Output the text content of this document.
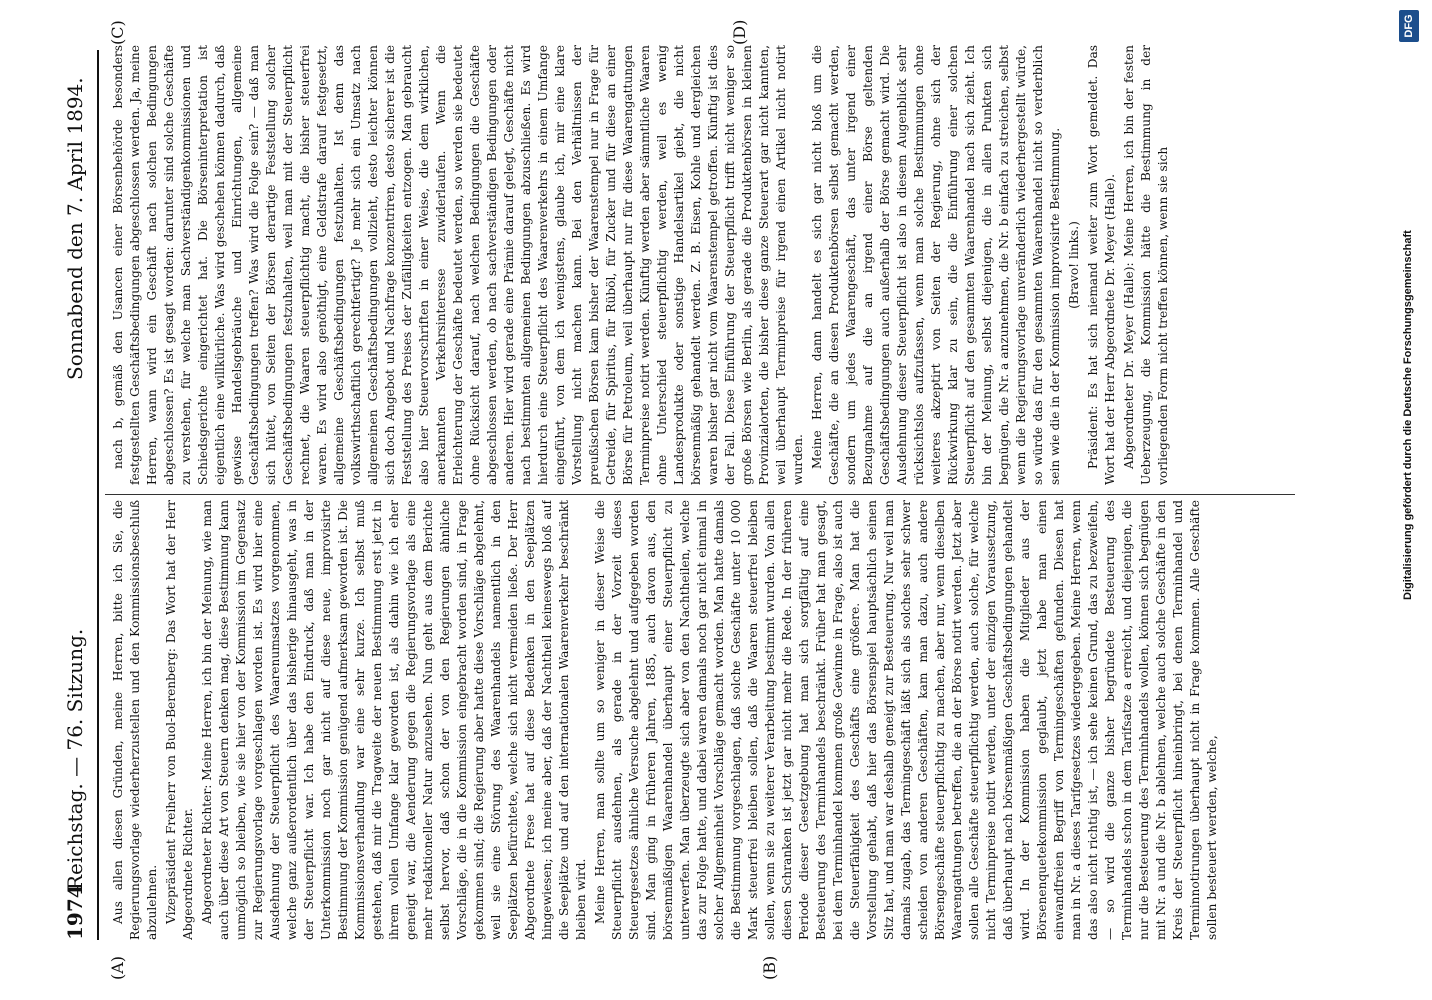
1974
Reichstag. — 76. Sitzung.
Sonnabend den 7. April 1894.
(A)	(B)
(C)	(D)

Aus allen diesen Gründen, meine Herren, bitte ich Sie, die Regierungsvorlage wiederherzustellen und den Kommissionsbeschluß abzulehnen. Vizepräsident Freiherr von Buol-Berenberg: Das Wort hat der Herr Abgeordnete Richter. Abgeordneter Richter: Meine Herren, ich bin der Meinung, wie man auch über diese Art von Steuern denken mag, diese Bestimmung kann unmöglich so bleiben, wie sie hier von der Kommission im Gegensatz zur Regierungsvorlage vorgeschlagen worden ist. Es wird hier eine Ausdehnung der Steuerpflicht des Waarenumsatzes vorgenommen, welche ganz außerordentlich über das bisherige hinausgeht, was in der Steuerpflicht war. Ich habe den Eindruck, daß man in der Unterkommission noch gar nicht auf diese neue, improvisirte Bestimmung der Kommission genügend aufmerksam geworden ist. Die Kommissionsverhandlung war eine sehr kurze. Ich selbst muß gestehen, daß mir die Tragweite der neuen Bestimmung erst jetzt in ihrem vollen Umfange klar geworden ist, als dahin wie ich eher geneigt war, die Aenderung gegen die Regierungsvorlage als eine mehr redaktioneller Natur anzusehen. Nun geht aus dem Berichte selbst hervor, daß schon der von den Regierungen ähnliche Vorschläge, die in die Kommission eingebracht worden sind, in Frage gekommen sind; die Regierung aber hatte diese Vorschläge abgelehnt, weil sie eine Störung des Waarenhandels namentlich in den Seeplätzen befürchtete, welche sich nicht vermeiden ließe. Der Herr Abgeordnete Frese hat auf diese Bedenken in den Seeplätzen hingewiesen; ich meine aber, daß der Nachtheil keineswegs bloß auf die Seeplätze und auf den internationalen Waarenverkehr beschränkt bleiben wird. Meine Herren, man sollte um so weniger in dieser Weise die Steuerpflicht ausdehnen, als gerade in der Vorzeit dieses Steuergesetzes ähnliche Versuche abgelehnt und aufgegeben worden sind. Man ging in früheren Jahren, 1885, auch davon aus, den börsenmäßigen Waarenhandel überhaupt einer Steuerpflicht zu unterwerfen. Man überzeugte sich aber von den Nachtheilen, welche das zur Folge hatte, und dabei waren damals noch gar nicht einmal in solcher Allgemeinheit Vorschläge gemacht worden. Man hatte damals die Bestimmung vorgeschlagen, daß solche Geschäfte unter 10 000 Mark steuerfrei bleiben sollen, daß die Waaren steuerfrei bleiben sollen, wenn sie zu weiterer Verarbeitung bestimmt wurden. Von allen diesen Schranken ist jetzt gar nicht mehr die Rede. In der früheren Periode dieser Gesetzgebung hat man sich sorgfältig auf eine Besteuerung des Terminhandels beschränkt. Früher hat man gesagt, bei dem Terminhandel kommen große Gewinne in Frage, also ist auch die Steuerfähigkeit des Geschäfts eine größere. Man hat die Vorstellung gehabt, daß hier das Börsenspiel hauptsächlich seinen Sitz hat, und man war deshalb geneigt zur Besteuerung. Nur weil man damals zugab, das Termingeschäft läßt sich als solches sehr schwer scheiden von anderen Geschäften, kam man dazu, auch andere Börsengeschäfte steuerpflichtig zu machen, aber nur, wenn dieselben Waarengattungen betreffen, die an der Börse notirt werden. Jetzt aber sollen alle Geschäfte steuerpflichtig werden, auch solche, für welche nicht Terminpreise notirt werden, unter der einzigen Voraussetzung, daß überhaupt nach börsenmäßigen Geschäftsbedingungen gehandelt wird. In der Kommission haben die Mitglieder aus der Börsenenquetekommission geglaubt, jetzt habe man einen einwandfreien Begriff von Termingeschäften gefunden. Diesen hat man in Nr. a dieses Tarifgesetzes wiedergegeben. Meine Herren, wenn das also nicht richtig ist, — ich sehe keinen Grund, das zu bezweifeln, — so wird die ganze bisher begründete Besteuerung des Terminhandels schon in dem Tarifsatze a erreicht, und diejenigen, die nur die Besteuerung des Terminhandels wollen, können sich begnügen mit Nr. a und die Nr. b ablehnen, welche auch solche Geschäfte in den Kreis der Steuerpflicht hineinbringt, bei denen Terminhandel und Terminnotirungen überhaupt nicht in Frage kommen. Alle Geschäfte sollen besteuert werden, welche,

nach b, gemäß den Usancen einer Börsenbehörde besonders festgestellten Geschäftsbedingungen abgeschlossen werden. Ja, meine Herren, wann wird ein Geschäft nach solchen Bedingungen abgeschlossen? Es ist gesagt worden: darunter sind solche Geschäfte zu verstehen, für welche man Sachverständigenkommissionen und Schiedsgerichte eingerichtet hat. Die Börseninterpretation ist eigentlich eine willkürliche. Was wird geschehen können dadurch, daß gewisse Handelsgebräuche und Einrichtungen, allgemeine Geschäftsbedingungen treffen? Was wird die Folge sein? — daß man sich hütet, von Seiten der Börsen derartige Feststellung solcher Geschäftsbedingungen festzuhalten, weil man mit der Steuerpflicht rechnet, die Waaren steuerpflichtig macht, die bisher steuerfrei waren. Es wird also genöthigt, eine Geldstrafe darauf festgesetzt, allgemeine Geschäftsbedingungen festzuhalten. Ist denn das volkswirthschaftlich gerechtfertigt? Je mehr sich ein Umsatz nach allgemeinen Geschäftsbedingungen vollzieht, desto leichter können sich doch Angebot und Nachfrage konzentriren, desto sicherer ist die Feststellung des Preises der Zufälligkeiten entzogen. Man gebraucht also hier Steuervorschriften in einer Weise, die dem wirklichen, anerkannten Verkehrsinteresse zuwiderlaufen. Wenn die Erleichterung der Geschäfte bedeutet werden, so werden sie bedeutet ohne Rücksicht darauf, nach welchen Bedingungen die Geschäfte abgeschlossen werden, ob nach sachverständigen Bedingungen oder anderen. Hier wird gerade eine Prämie darauf gelegt, Geschäfte nicht nach bestimmten allgemeinen Bedingungen abzuschließen. Es wird hierdurch eine Steuerpflicht des Waarenverkehrs in einem Umfange eingeführt, von dem ich wenigstens, glaube ich, mir eine klare Vorstellung nicht machen kann. Bei den Verhältnissen der preußischen Börsen kam bisher der Waarenstempel nur in Frage für Getreide, für Spiritus, für Rüböl, für Zucker und für diese an einer Börse für Petroleum, weil überhaupt nur für diese Waarengattungen Terminpreise notirt werden. Künftig werden aber sämmtliche Waaren ohne Unterschied steuerpflichtig werden, weil es wenig Landesprodukte oder sonstige Handelsartikel giebt, die nicht börsenmäßig gehandelt werden. Z. B. Eisen, Kohle und dergleichen waren bisher gar nicht vom Waarenstempel getroffen. Künftig ist dies der Fall. Diese Einführung der Steuerpflicht trifft nicht weniger so große Börsen wie Berlin, als gerade die Produktenbörsen in kleinen Provinzialorten, die bisher diese ganze Steuerart gar nicht kannten, weil überhaupt Terminpreise für irgend einen Artikel nicht notirt wurden. Meine Herren, dann handelt es sich gar nicht bloß um die Geschäfte, die an diesen Produktenbörsen selbst gemacht werden, sondern um jedes Waarengeschäft, das unter irgend einer Bezugnahme auf die an irgend einer Börse geltenden Geschäftsbedingungen auch außerhalb der Börse gemacht wird. Die Ausdehnung dieser Steuerpflicht ist also in diesem Augenblick sehr rücksichtslos aufzufassen, wenn man solche Bestimmungen ohne weiteres akzeptirt von Seiten der Regierung, ohne sich der Rückwirkung klar zu sein, die die Einführung einer solchen Steuerpflicht auf den gesammten Waarenhandel nach sich zieht. Ich bin der Meinung, selbst diejenigen, die in allen Punkten sich begnügen, die Nr. a anzunehmen, die Nr. b einfach zu streichen, selbst wenn die Regierungsvorlage unveränderlich wiederhergestellt würde, so würde das für den gesammten Waarenhandel nicht so verderblich sein wie die in der Kommission improvisirte Bestimmung. (Bravo! links.) Präsident: Es hat sich niemand weiter zum Wort gemeldet. Das Wort hat der Herr Abgeordnete Dr. Meyer (Halle). Abgeordneter Dr. Meyer (Halle): Meine Herren, ich bin der festen Ueberzeugung, die Kommission hätte die Bestimmung in der vorliegenden Form nicht treffen können, wenn sie sich	Digitalisierung gefördert durch die Deutsche Forschungsgemeinschaft
DFG
